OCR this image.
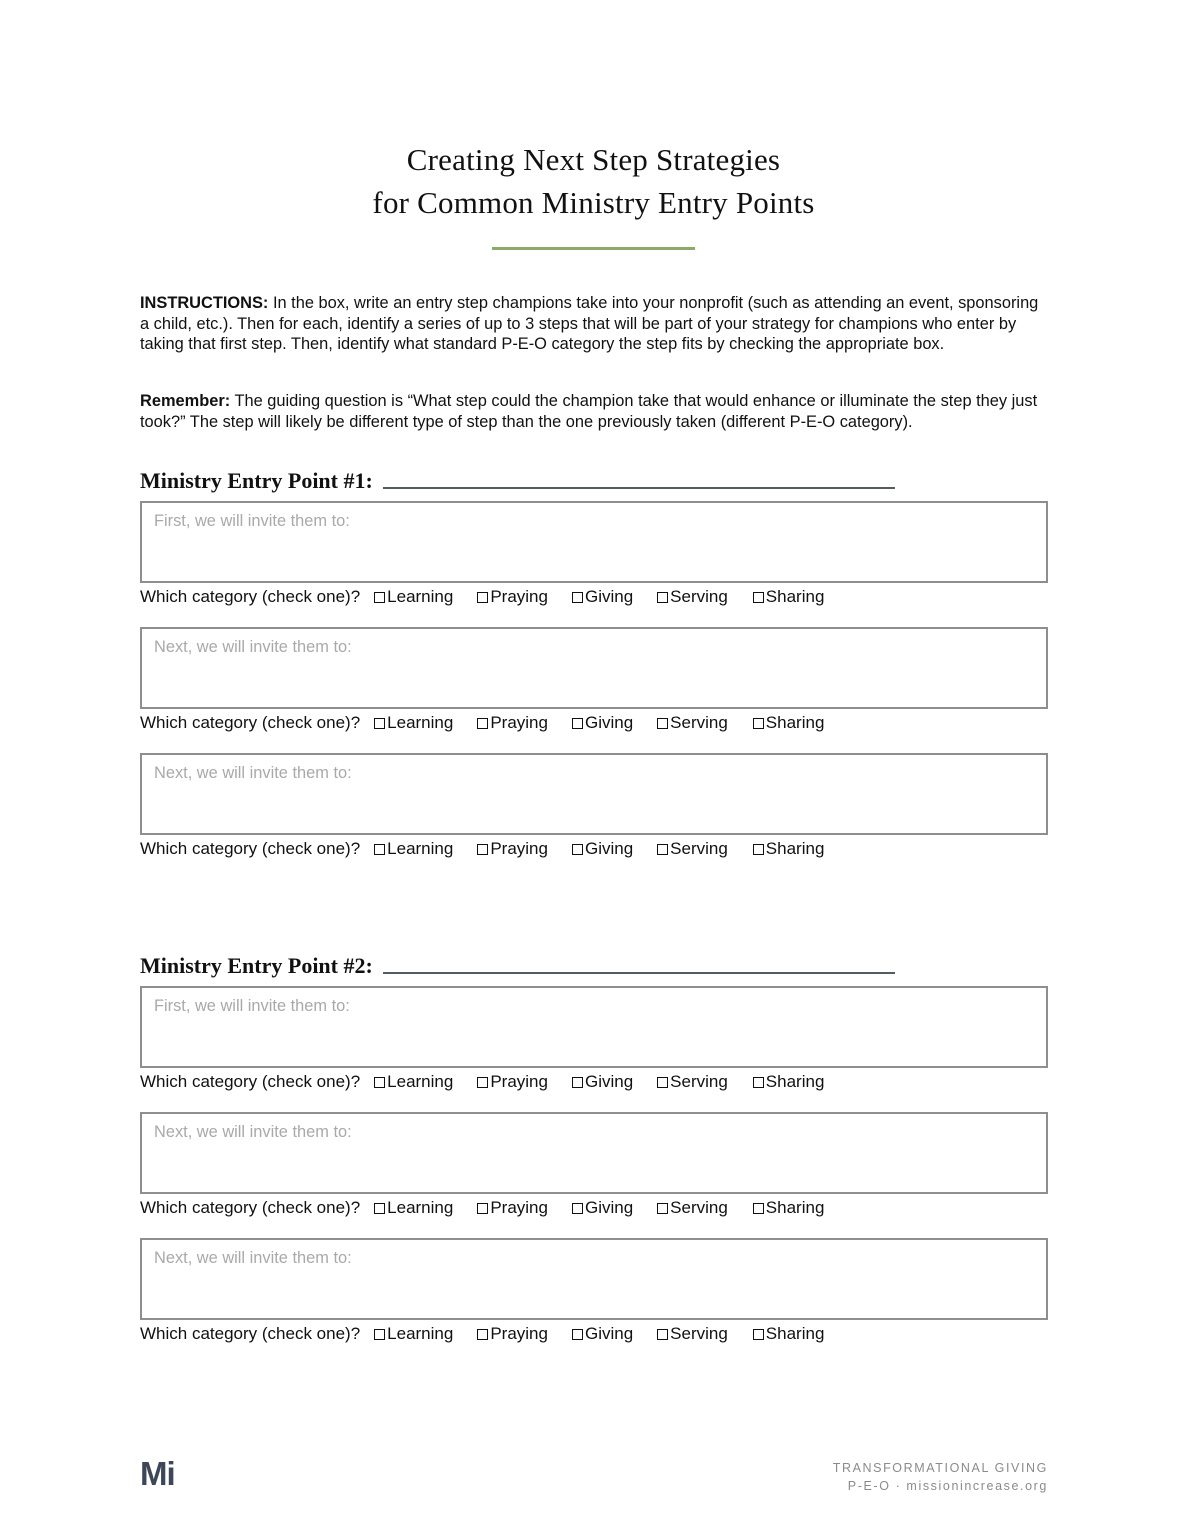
Creating Next Step Strategies
for Common Ministry Entry Points

INSTRUCTIONS: In the box, write an entry step champions take into your nonprofit (such as attending an event, sponsoring a child, etc.). Then for each, identify a series of up to 3 steps that will be part of your strategy for champions who enter by taking that first step. Then, identify what standard P-E-O category the step fits by checking the appropriate box.

Remember: The guiding question is “What step could the champion take that would enhance or illuminate the step they just took?” The step will likely be different type of step than the one previously taken (different P-E-O category).

Ministry Entry Point #1:
First, we will invite them to:
Which category (check one)? Learning Praying Giving Serving Sharing
Next, we will invite them to:
Which category (check one)? Learning Praying Giving Serving Sharing
Next, we will invite them to:
Which category (check one)? Learning Praying Giving Serving Sharing
Ministry Entry Point #2:
First, we will invite them to:
Which category (check one)? Learning Praying Giving Serving Sharing
Next, we will invite them to:
Which category (check one)? Learning Praying Giving Serving Sharing
Next, we will invite them to:
Which category (check one)? Learning Praying Giving Serving Sharing
Mi	TRANSFORMATIONAL GIVING
P-E-O · missionincrease.org
